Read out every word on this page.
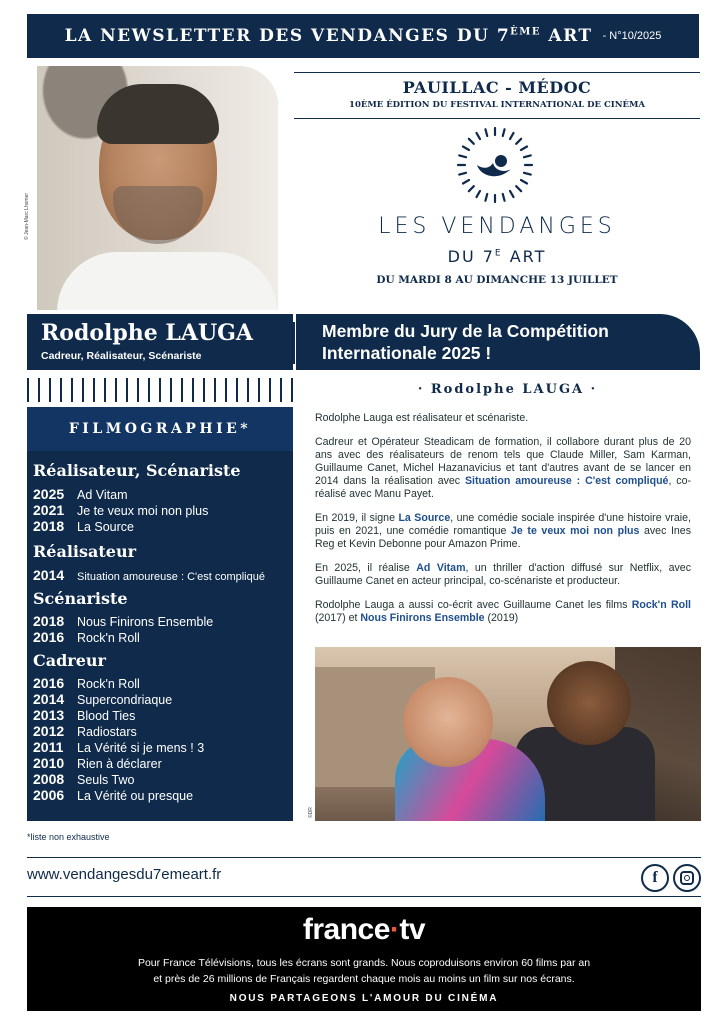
LA NEWSLETTER DES VENDANGES DU 7ÈME ART - N°10/2025
© Jean-Marc Lhomer
PAUILLAC - MÉDOC
10ÈME ÉDITION DU FESTIVAL INTERNATIONAL DE CINÉMA
LES VENDANGES
DU $7^E$ ART
DU MARDI 8 AU DIMANCHE 13 JUILLET
Rodolphe LAUGA
Cadreur, Réalisateur, Scénariste
Membre du Jury de la Compétition
Internationale 2025 !
FILMOGRAPHIE*
Réalisateur, Scénariste
2025 Ad Vitam
2021 Je te veux moi non plus
2018 La Source
Réalisateur
2014 Situation amoureuse : C'est compliqué
Scénariste
2018 Nous Finirons Ensemble
2016 Rock'n Roll
Cadreur
2016 Rock'n Roll
2014 Supercondriaque
2013 Blood Ties
2012 Radiostars
2011 La Vérité si je mens ! 3
2010 Rien à déclarer
2008 Seuls Two
2006 La Vérité ou presque
*liste non exhaustive
· Rodolphe LAUGA ·

Rodolphe Lauga est réalisateur et scénariste.

Cadreur et Opérateur Steadicam de formation, il collabore durant plus de 20 ans avec des réalisateurs de renom tels que Claude Miller, Sam Karman, Guillaume Canet, Michel Hazanavicius et tant d'autres avant de se lancer en 2014 dans la réalisation avec Situation amoureuse : C'est compliqué, co-réalisé avec Manu Payet.

En 2019, il signe La Source, une comédie sociale inspirée d'une histoire vraie, puis en 2021, une comédie romantique Je te veux moi non plus avec Ines Reg et Kevin Debonne pour Amazon Prime.

En 2025, il réalise Ad Vitam, un thriller d'action diffusé sur Netflix, avec Guillaume Canet en acteur principal, co-scénariste et producteur.

Rodolphe Lauga a aussi co-écrit avec Guillaume Canet les films Rock'n Roll (2017) et Nous Finirons Ensemble (2019)

©DR
www.vendangesdu7emeart.fr	f
france·tv
Pour France Télévisions, tous les écrans sont grands. Nous coproduisons environ 60 films par an
et près de 26 millions de Français regardent chaque mois au moins un film sur nos écrans.
NOUS PARTAGEONS L'AMOUR DU CINÉMA
